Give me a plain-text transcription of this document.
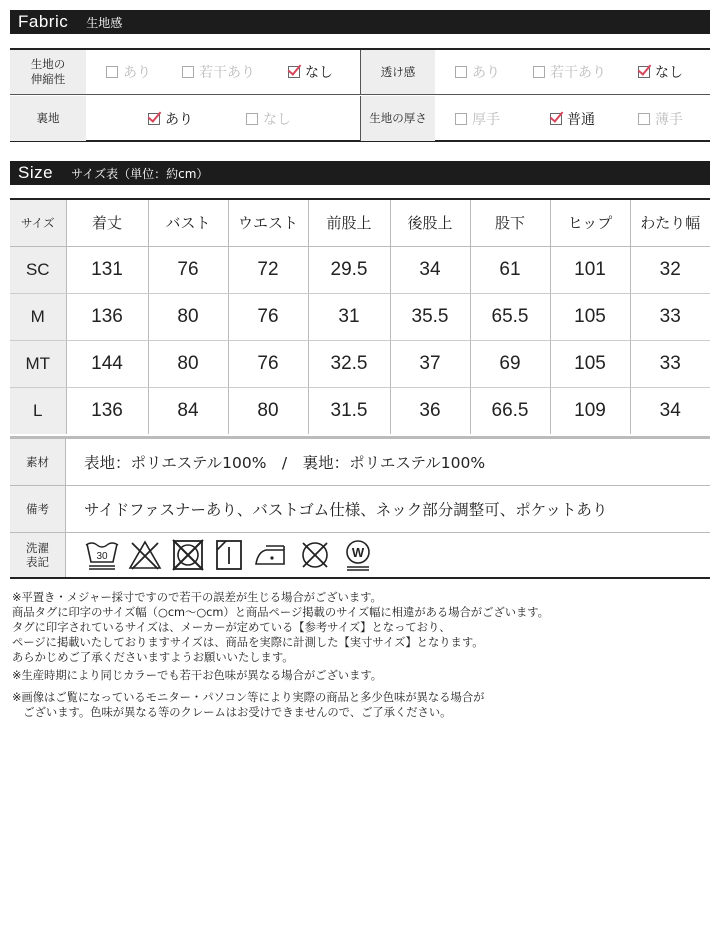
Fabric 生地感
生地の
伸縮性	あり	若干あり	なし	透け感	あり	若干あり	なし
裏地	あり	なし	生地の厚さ	厚手	普通	薄手
Size サイズ表（単位：約cm）
サイズ	着丈	バスト	ウエスト	前股上	後股上	股下	ヒップ	わたり幅
SC	131	76	72	29.5	34	61	101	32
M	136	80	76	31	35.5	65.5	105	33
MT	144	80	76	32.5	37	69	105	33
L	136	84	80	31.5	36	66.5	109	34
素材	表地：ポリエステル100%　/　裏地：ポリエステル100%
備考	サイドファスナーあり、バストゴム仕様、ネック部分調整可、ポケットあり
洗濯
表記	30	W

※平置き・メジャー採寸ですので若干の誤差が生じる場合がございます。

商品タグに印字のサイズ幅（○cm〜○cm）と商品ページ掲載のサイズ幅に相違がある場合がございます。

タグに印字されているサイズは、メーカーが定めている【参考サイズ】となっており、

ページに掲載いたしておりますサイズは、商品を実際に計測した【実寸サイズ】となります。

あらかじめご了承くださいますようお願いいたします。

※生産時期により同じカラーでも若干お色味が異なる場合がございます。

※画像はご覧になっているモニター・パソコン等により実際の商品と多少色味が異なる場合が

　ございます。色味が異なる等のクレームはお受けできませんので、ご了承ください。
